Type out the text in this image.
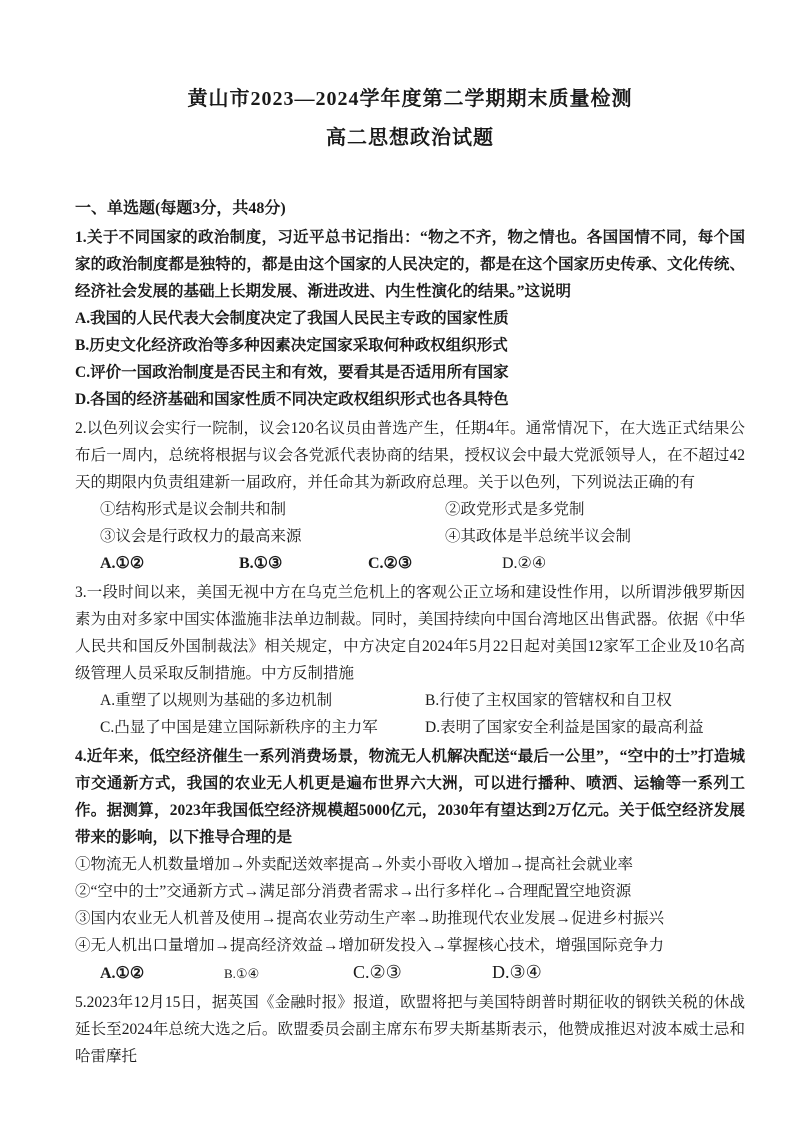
黄山市2023—2024学年度第二学期期末质量检测
高二思想政治试题
一、单选题(每题3分，共48分)

1.关于不同国家的政治制度，习近平总书记指出：“物之不齐，物之情也。各国国情不同，每个国家的政治制度都是独特的，都是由这个国家的人民决定的，都是在这个国家历史传承、文化传统、经济社会发展的基础上长期发展、渐进改进、内生性演化的结果。”这说明

A.我国的人民代表大会制度决定了我国人民民主专政的国家性质

B.历史文化经济政治等多种因素决定国家采取何种政权组织形式

C.评价一国政治制度是否民主和有效，要看其是否适用所有国家

D.各国的经济基础和国家性质不同决定政权组织形式也各具特色

2.以色列议会实行一院制，议会120名议员由普选产生，任期4年。通常情况下，在大选正式结果公布后一周内，总统将根据与议会各党派代表协商的结果，授权议会中最大党派领导人，在不超过42天的期限内负责组建新一届政府，并任命其为新政府总理。关于以色列，下列说法正确的有

①结构形式是议会制共和制	②政党形式是多党制
③议会是行政权力的最高来源	④其政体是半总统半议会制
A.①②	B.①③	C.②③	D.②④

3.一段时间以来，美国无视中方在乌克兰危机上的客观公正立场和建设性作用，以所谓涉俄罗斯因素为由对多家中国实体滥施非法单边制裁。同时，美国持续向中国台湾地区出售武器。依据《中华人民共和国反外国制裁法》相关规定，中方决定自2024年5月22日起对美国12家军工企业及10名高级管理人员采取反制措施。中方反制措施

A.重塑了以规则为基础的多边机制	B.行使了主权国家的管辖权和自卫权
C.凸显了中国是建立国际新秩序的主力军	D.表明了国家安全利益是国家的最高利益

4.近年来，低空经济催生一系列消费场景，物流无人机解决配送“最后一公里”，“空中的士”打造城市交通新方式，我国的农业无人机更是遍布世界六大洲，可以进行播种、喷洒、运输等一系列工作。据测算，2023年我国低空经济规模超5000亿元，2030年有望达到2万亿元。关于低空经济发展带来的影响，以下推导合理的是

①物流无人机数量增加→外卖配送效率提高→外卖小哥收入增加→提高社会就业率

②“空中的士”交通新方式→满足部分消费者需求→出行多样化→合理配置空地资源

③国内农业无人机普及使用→提高农业劳动生产率→助推现代农业发展→促进乡村振兴

④无人机出口量增加→提高经济效益→增加研发投入→掌握核心技术，增强国际竞争力

A.①②	B.①④	C.②③	D.③④

5.2023年12月15日，据英国《金融时报》报道，欧盟将把与美国特朗普时期征收的钢铁关税的休战延长至2024年总统大选之后。欧盟委员会副主席东布罗夫斯基斯表示，他赞成推迟对波本威士忌和哈雷摩托
